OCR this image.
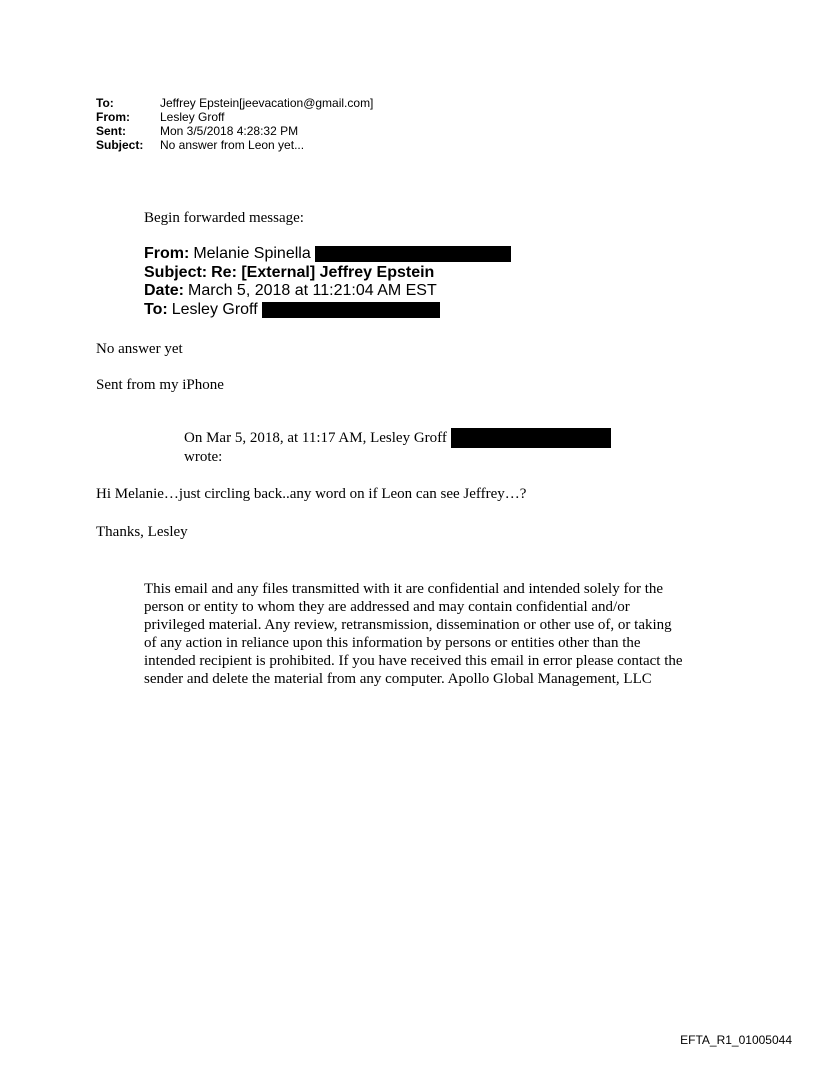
To:	Jeffrey Epstein[jeevacation@gmail.com]
From:	Lesley Groff
Sent:	Mon 3/5/2018 4:28:32 PM
Subject:	No answer from Leon yet...
Begin forwarded message:
From: Melanie Spinella
Subject: Re: [External] Jeffrey Epstein
Date: March 5, 2018 at 11:21:04 AM EST
To: Lesley Groff
No answer yet
Sent from my iPhone
On Mar 5, 2018, at 11:17 AM, Lesley Groff
wrote:
Hi Melanie…just circling back..any word on if Leon can see Jeffrey…?
Thanks, Lesley
This email and any files transmitted with it are confidential and intended solely for the person or entity to whom they are addressed and may contain confidential and/or privileged material. Any review, retransmission, dissemination or other use of, or taking of any action in reliance upon this information by persons or entities other than the intended recipient is prohibited. If you have received this email in error please contact the sender and delete the material from any computer. Apollo Global Management, LLC
EFTA_R1_01005044
